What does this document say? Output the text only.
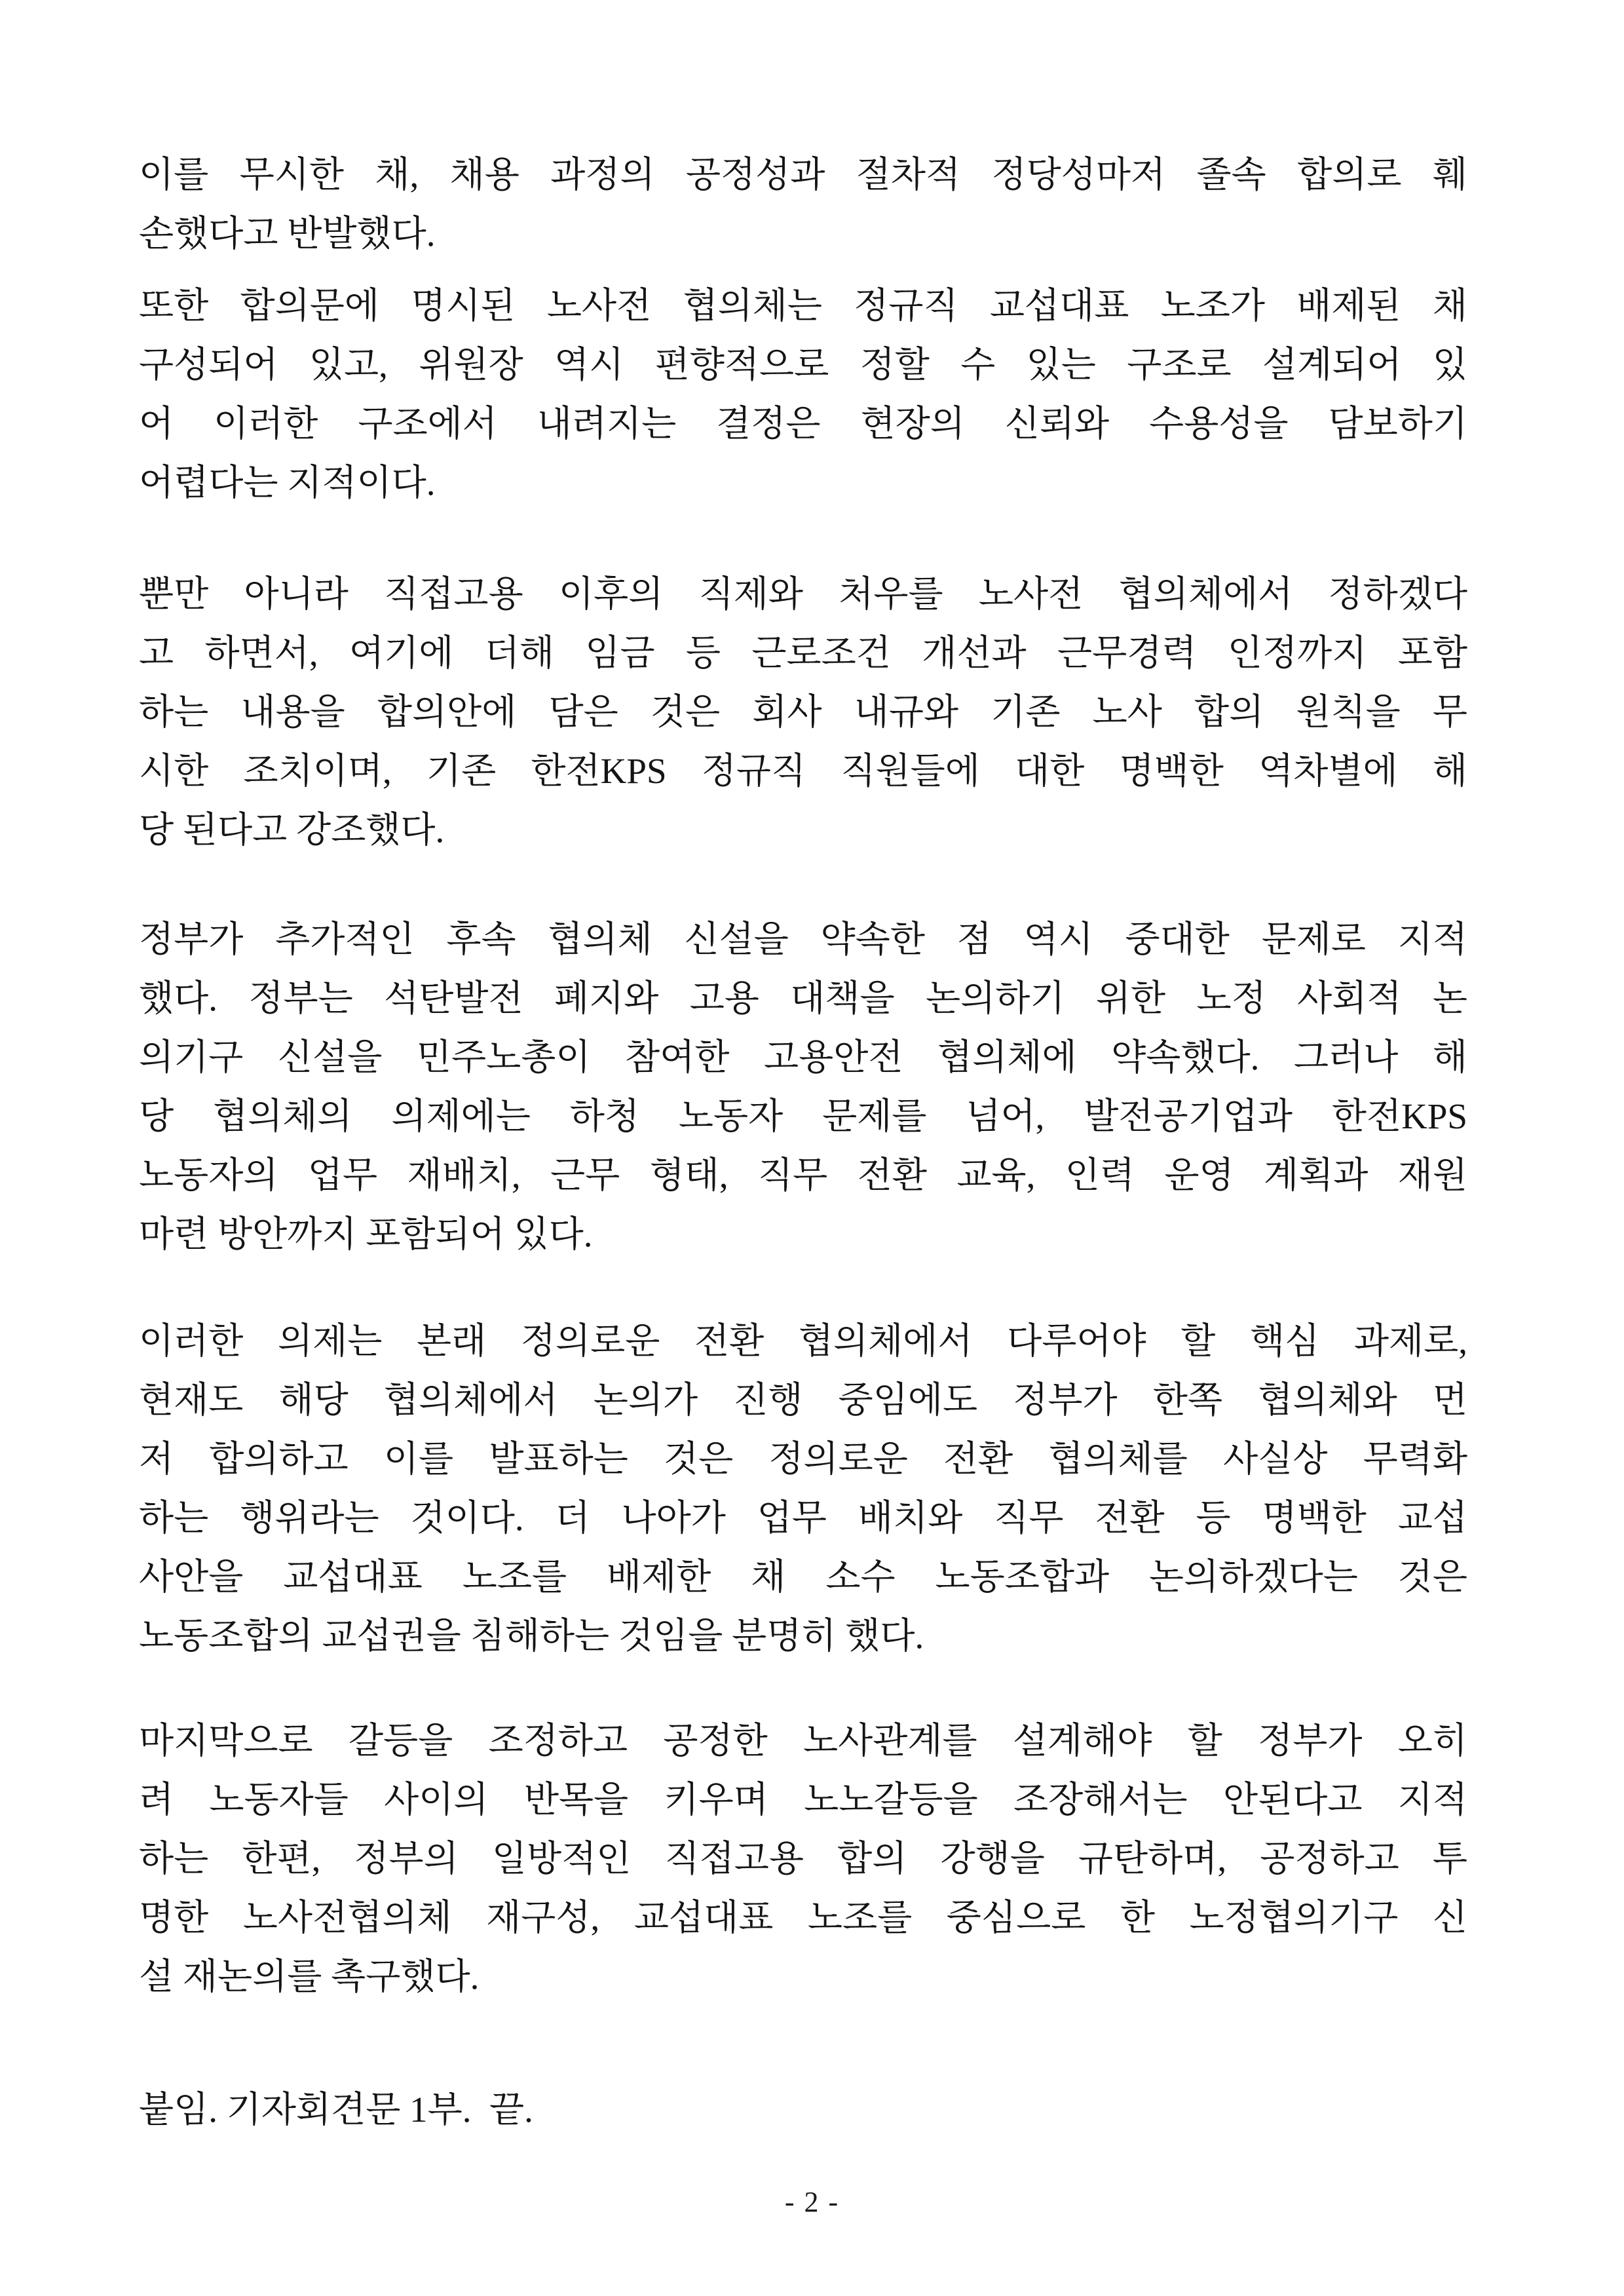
이를 무시한 채, 채용 과정의 공정성과 절차적 정당성마저 졸속 합의로 훼
손했다고 반발했다.

또한 합의문에 명시된 노사전 협의체는 정규직 교섭대표 노조가 배제된 채
구성되어 있고, 위원장 역시 편향적으로 정할 수 있는 구조로 설계되어 있
어 이러한 구조에서 내려지는 결정은 현장의 신뢰와 수용성을 담보하기
어렵다는 지적이다.

뿐만 아니라 직접고용 이후의 직제와 처우를 노사전 협의체에서 정하겠다
고 하면서, 여기에 더해 임금 등 근로조건 개선과 근무경력 인정까지 포함
하는 내용을 합의안에 담은 것은 회사 내규와 기존 노사 합의 원칙을 무
시한 조치이며, 기존 한전KPS 정규직 직원들에 대한 명백한 역차별에 해
당 된다고 강조했다.

정부가 추가적인 후속 협의체 신설을 약속한 점 역시 중대한 문제로 지적
했다. 정부는 석탄발전 폐지와 고용 대책을 논의하기 위한 노정 사회적 논
의기구 신설을 민주노총이 참여한 고용안전 협의체에 약속했다. 그러나 해
당 협의체의 의제에는 하청 노동자 문제를 넘어, 발전공기업과 한전KPS
노동자의 업무 재배치, 근무 형태, 직무 전환 교육, 인력 운영 계획과 재원
마련 방안까지 포함되어 있다.

이러한 의제는 본래 정의로운 전환 협의체에서 다루어야 할 핵심 과제로,
현재도 해당 협의체에서 논의가 진행 중임에도 정부가 한쪽 협의체와 먼
저 합의하고 이를 발표하는 것은 정의로운 전환 협의체를 사실상 무력화
하는 행위라는 것이다. 더 나아가 업무 배치와 직무 전환 등 명백한 교섭
사안을 교섭대표 노조를 배제한 채 소수 노동조합과 논의하겠다는 것은
노동조합의 교섭권을 침해하는 것임을 분명히 했다.

마지막으로 갈등을 조정하고 공정한 노사관계를 설계해야 할 정부가 오히
려 노동자들 사이의 반목을 키우며 노노갈등을 조장해서는 안된다고 지적
하는 한편, 정부의 일방적인 직접고용 합의 강행을 규탄하며, 공정하고 투
명한 노사전협의체 재구성, 교섭대표 노조를 중심으로 한 노정협의기구 신
설 재논의를 촉구했다.

붙임. 기자회견문 1부.  끝.

- 2 -
